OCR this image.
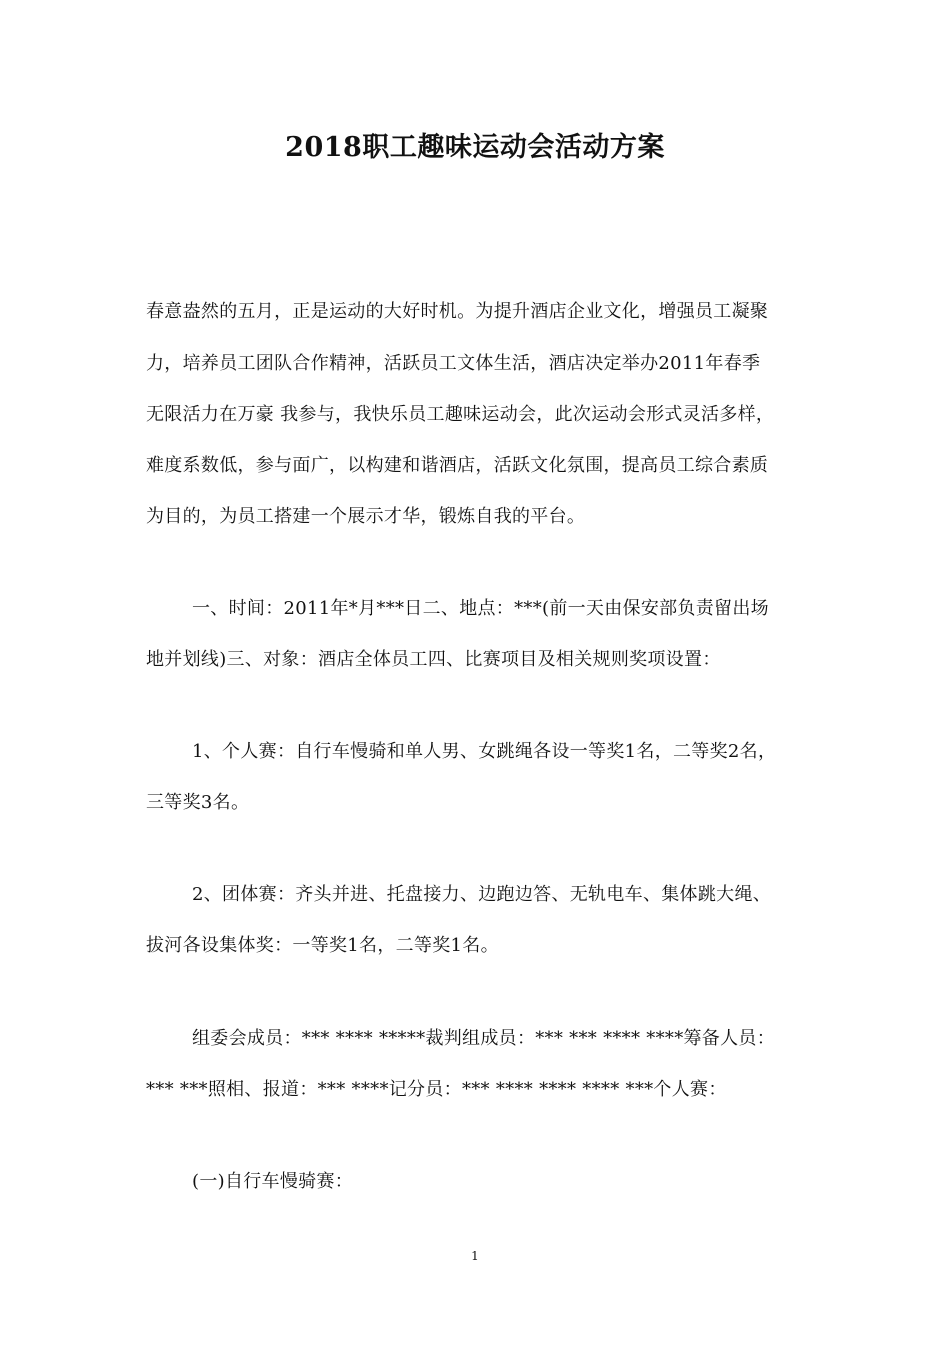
2018职工趣味运动会活动方案
春意盎然的五月，正是运动的大好时机。为提升酒店企业文化，增强员工凝聚
力，培养员工团队合作精神，活跃员工文体生活，酒店决定举办2011年春季
无限活力在万豪 我参与，我快乐员工趣味运动会，此次运动会形式灵活多样，
难度系数低，参与面广，以构建和谐酒店，活跃文化氛围，提高员工综合素质
为目的，为员工搭建一个展示才华，锻炼自我的平台。
一、时间：2011年*月***日二、地点：***(前一天由保安部负责留出场
地并划线)三、对象：酒店全体员工四、比赛项目及相关规则奖项设置：
1、个人赛：自行车慢骑和单人男、女跳绳各设一等奖1名，二等奖2名，
三等奖3名。
2、团体赛：齐头并进、托盘接力、边跑边答、无轨电车、集体跳大绳、
拔河各设集体奖：一等奖1名，二等奖1名。
组委会成员：*** **** *****裁判组成员：*** *** **** ****筹备人员：
*** ***照相、报道：*** ****记分员：*** **** **** **** ***个人赛：
(一)自行车慢骑赛：
1
